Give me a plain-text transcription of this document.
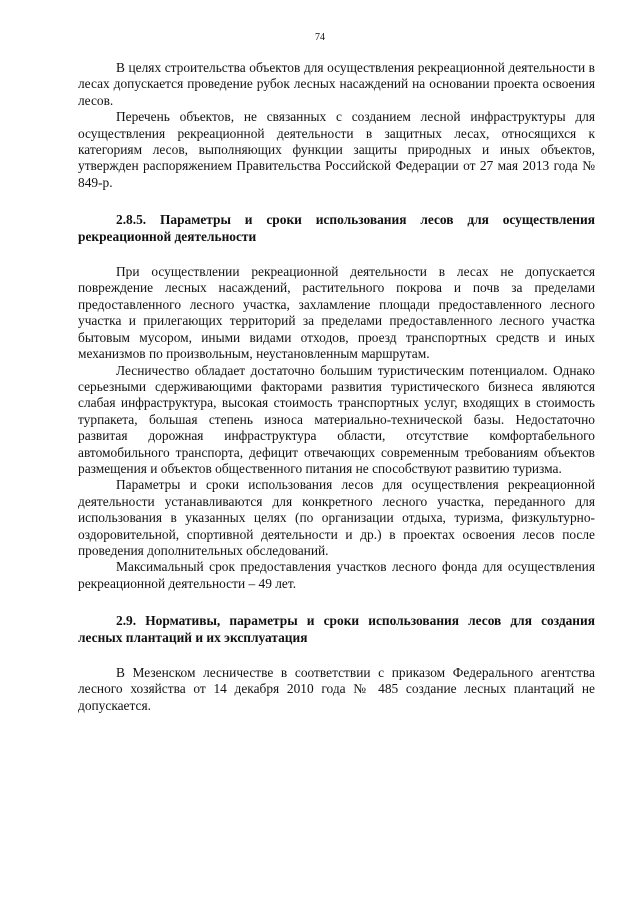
74

В целях строительства объектов для осуществления рекреационной деятельности в лесах допускается проведение рубок лесных насаждений на основании проекта освоения лесов.

Перечень объектов, не связанных с созданием лесной инфраструктуры для осуществления рекреационной деятельности в защитных лесах, относящихся к категориям лесов, выполняющих функции защиты природных и иных объектов, утвержден распоряжением Правительства Российской Федерации от 27 мая 2013 года № 849-р.

2.8.5. Параметры и сроки использования лесов для осуществления рекреационной деятельности

При осуществлении рекреационной деятельности в лесах не допускается повреждение лесных насаждений, растительного покрова и почв за пределами предоставленного лесного участка, захламление площади предоставленного лесного участка и прилегающих территорий за пределами предоставленного лесного участка бытовым мусором, иными видами отходов, проезд транспортных средств и иных механизмов по произвольным, неустановленным маршрутам.

Лесничество обладает достаточно большим туристическим потенциалом. Однако серьезными сдерживающими факторами развития туристического бизнеса являются слабая инфраструктура, высокая стоимость транспортных услуг, входящих в стоимость турпакета, большая степень износа материально-технической базы. Недостаточно развитая дорожная инфраструктура области, отсутствие комфортабельного автомобильного транспорта, дефицит отвечающих современным требованиям объектов размещения и объектов общественного питания не способствуют развитию туризма.

Параметры и сроки использования лесов для осуществления рекреационной деятельности устанавливаются для конкретного лесного участка, переданного для использования в указанных целях (по организации отдыха, туризма, физкультурно-оздоровительной, спортивной деятельности и др.) в проектах освоения лесов после проведения дополнительных обследований.

Максимальный срок предоставления участков лесного фонда для осуществления рекреационной деятельности – 49 лет.

2.9. Нормативы, параметры и сроки использования лесов для создания лесных плантаций и их эксплуатация

В Мезенском лесничестве в соответствии с приказом Федерального агентства лесного хозяйства от 14 декабря 2010 года № 485 создание лесных плантаций не допускается.
